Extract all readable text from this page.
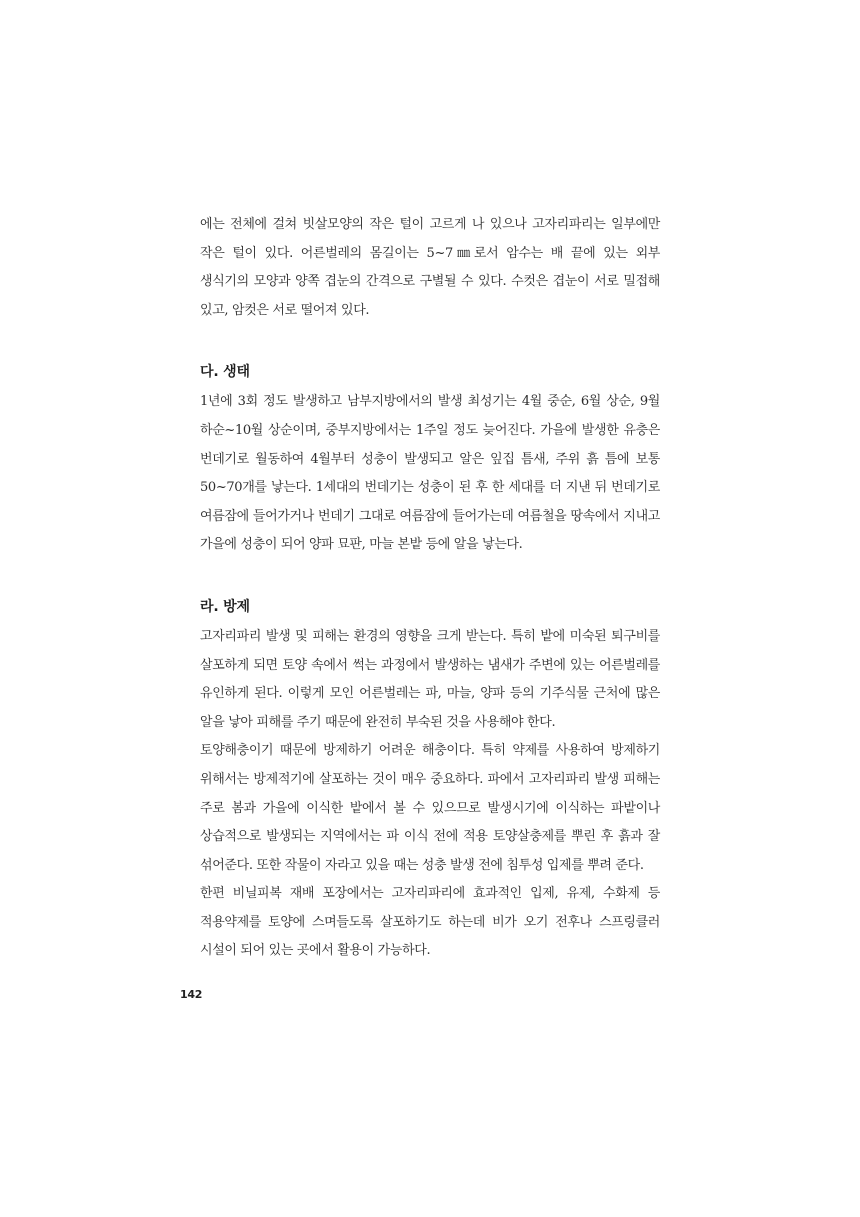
에는 전체에 걸쳐 빗살모양의 작은 털이 고르게 나 있으나 고자리파리는 일부에만 작은 털이 있다. 어른벌레의 몸길이는 5~7㎜로서 암수는 배 끝에 있는 외부 생식기의 모양과 양쪽 겹눈의 간격으로 구별될 수 있다. 수컷은 겹눈이 서로 밀접해 있고, 암컷은 서로 떨어져 있다.

다. 생태

1년에 3회 정도 발생하고 남부지방에서의 발생 최성기는 4월 중순, 6월 상순, 9월 하순~10월 상순이며, 중부지방에서는 1주일 정도 늦어진다. 가을에 발생한 유충은 번데기로 월동하여 4월부터 성충이 발생되고 알은 잎집 틈새, 주위 흙 틈에 보통 50~70개를 낳는다. 1세대의 번데기는 성충이 된 후 한 세대를 더 지낸 뒤 번데기로 여름잠에 들어가거나 번데기 그대로 여름잠에 들어가는데 여름철을 땅속에서 지내고 가을에 성충이 되어 양파 묘판, 마늘 본밭 등에 알을 낳는다.

라. 방제

고자리파리 발생 및 피해는 환경의 영향을 크게 받는다. 특히 밭에 미숙된 퇴구비를 살포하게 되면 토양 속에서 썩는 과정에서 발생하는 냄새가 주변에 있는 어른벌레를 유인하게 된다. 이렇게 모인 어른벌레는 파, 마늘, 양파 등의 기주식물 근처에 많은 알을 낳아 피해를 주기 때문에 완전히 부숙된 것을 사용해야 한다.

토양해충이기 때문에 방제하기 어려운 해충이다. 특히 약제를 사용하여 방제하기 위해서는 방제적기에 살포하는 것이 매우 중요하다. 파에서 고자리파리 발생 피해는 주로 봄과 가을에 이식한 밭에서 볼 수 있으므로 발생시기에 이식하는 파밭이나 상습적으로 발생되는 지역에서는 파 이식 전에 적용 토양살충제를 뿌린 후 흙과 잘 섞어준다. 또한 작물이 자라고 있을 때는 성충 발생 전에 침투성 입제를 뿌려 준다.

한편 비닐피복 재배 포장에서는 고자리파리에 효과적인 입제, 유제, 수화제 등 적용약제를 토양에 스며들도록 살포하기도 하는데 비가 오기 전후나 스프링클러 시설이 되어 있는 곳에서 활용이 가능하다.

142
